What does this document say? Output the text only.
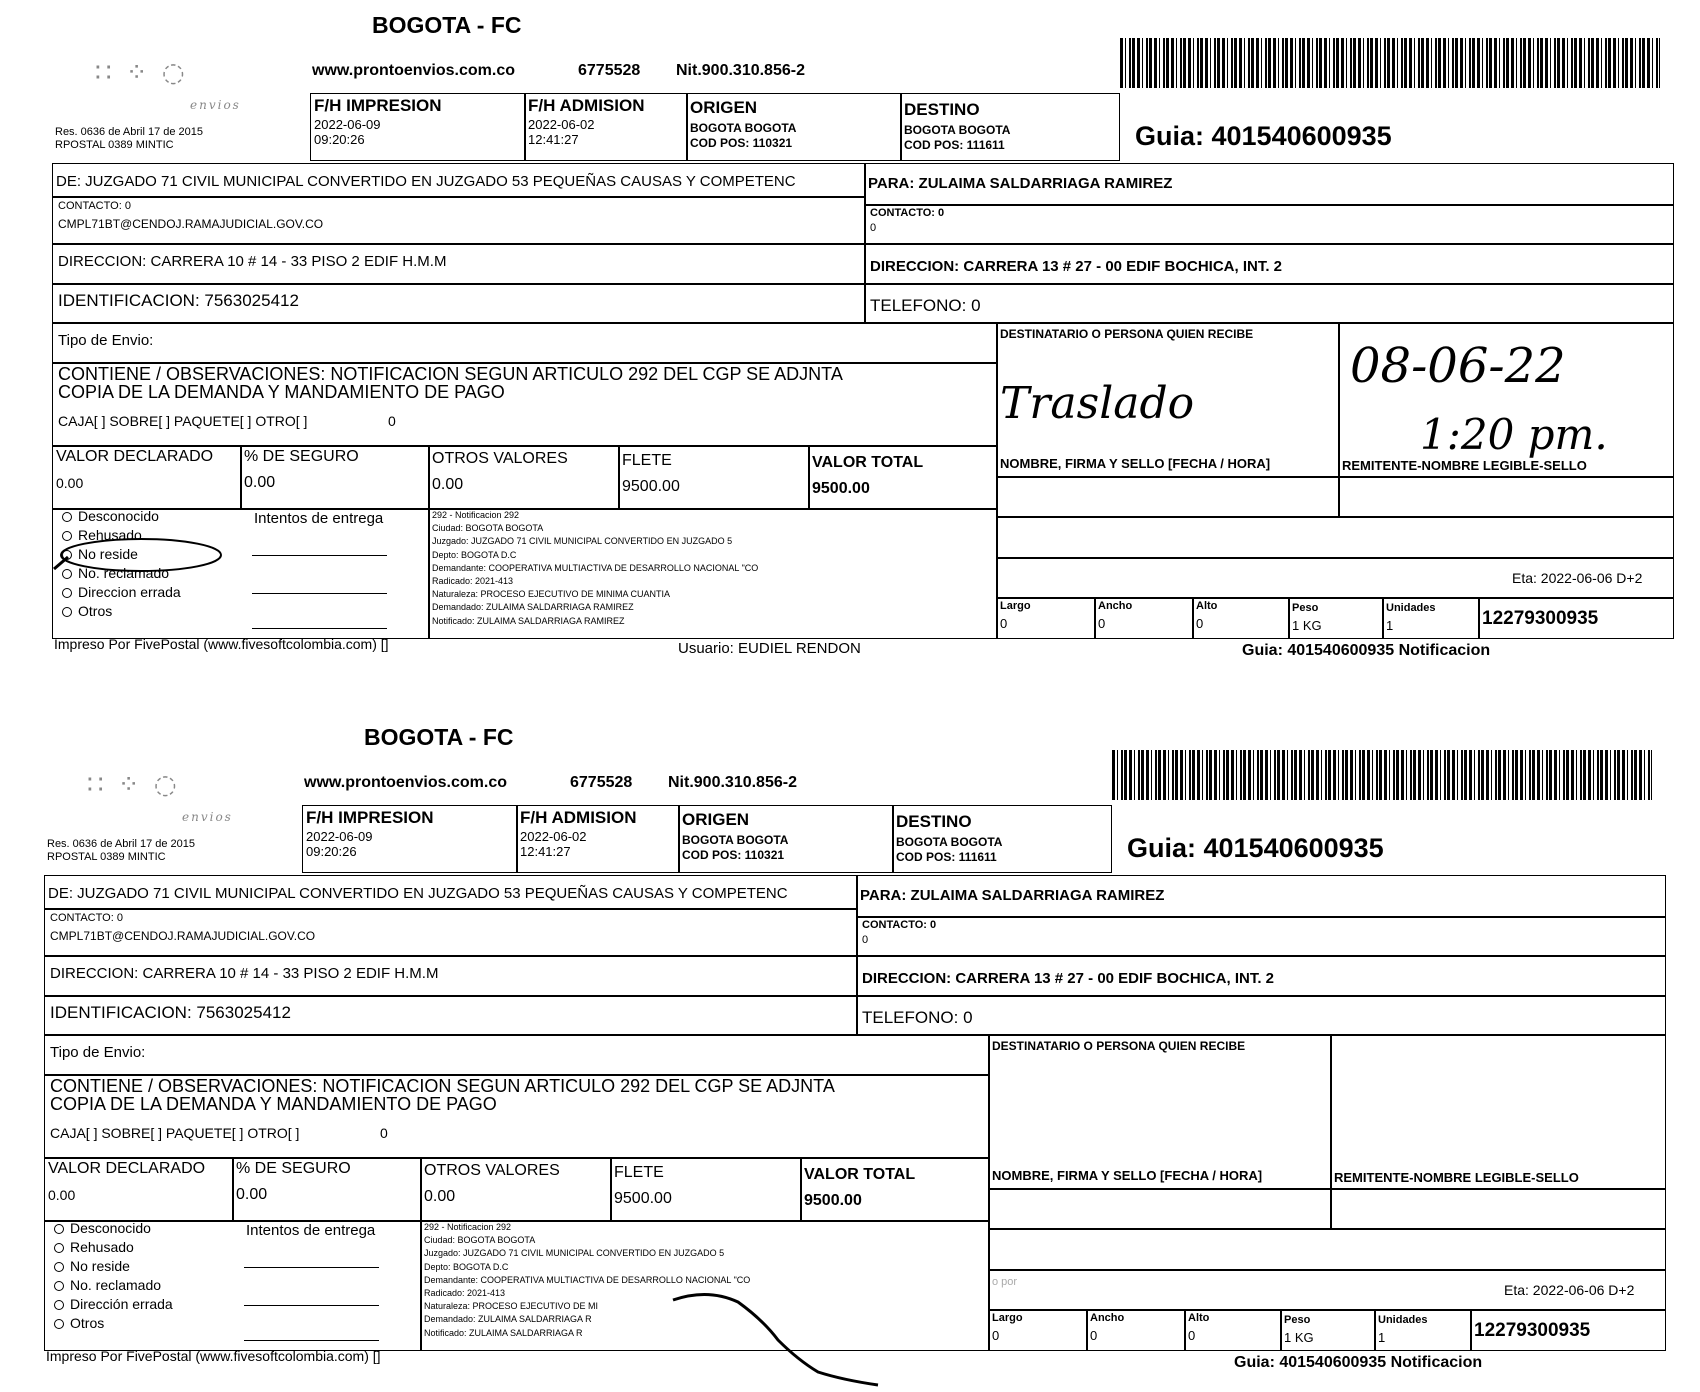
BOGOTA - FC
∷ ⁘ ◌
envios
www.prontoenvios.com.co	6775528 Nit.900.310.856-2
Res. 0636 de Abril 17 de 2015
RPOSTAL 0389 MINTIC
F/H IMPRESION
2022-06-09
09:20:26
F/H ADMISION
2022-06-02
12:41:27
ORIGEN
BOGOTA BOGOTA
COD POS: 110321
DESTINO
BOGOTA BOGOTA
COD POS: 111611	Guia: 401540600935
DE: JUZGADO 71 CIVIL MUNICIPAL CONVERTIDO EN JUZGADO 53 PEQUEÑAS CAUSAS Y COMPETENC	PARA: ZULAIMA SALDARRIAGA RAMIREZ
CONTACTO: 0
CMPL71BT@CENDOJ.RAMAJUDICIAL.GOV.CO
CONTACTO: 0
0
DIRECCION: CARRERA 10 # 14 - 33 PISO 2 EDIF H.M.M	DIRECCION: CARRERA 13 # 27 - 00 EDIF BOCHICA, INT. 2
IDENTIFICACION: 7563025412	TELEFONO: 0
Tipo de Envio:	DESTINATARIO O PERSONA QUIEN RECIBE
CONTIENE / OBSERVACIONES: NOTIFICACION SEGUN ARTICULO 292 DEL CGP SE ADJNTA
COPIA DE LA DEMANDA Y MANDAMIENTO DE PAGO
CAJA[ ] SOBRE[ ] PAQUETE[ ] OTRO[ ]	0
NOMBRE, FIRMA Y SELLO [FECHA / HORA]	REMITENTE-NOMBRE LEGIBLE-SELLO
VALOR DECLARADO
0.00
% DE SEGURO
0.00
OTROS VALORES
0.00
FLETE
9500.00
VALOR TOTAL
9500.00
Desconocido
Rehusado
No reside
No. reclamado
Direccion errada
Otros
Intentos de entrega	292 - Notificacion 292
Ciudad: BOGOTA BOGOTA
Juzgado: JUZGADO 71 CIVIL MUNICIPAL CONVERTIDO EN JUZGADO 5
Depto: BOGOTA D.C
Demandante: COOPERATIVA MULTIACTIVA DE DESARROLLO NACIONAL "CO
Radicado: 2021-413
Naturaleza: PROCESO EJECUTIVO DE MINIMA CUANTIA
Demandado: ZULAIMA SALDARRIAGA RAMIREZ
Notificado: ZULAIMA SALDARRIAGA RAMIREZ
Eta: 2022-06-06 D+2
Largo
0
Ancho
0
Alto
0
Peso
1 KG
Unidades
1	12279300935
Impreso Por FivePostal (www.fivesoftcolombia.com) []	Usuario: EUDIEL RENDON	Guia: 401540600935 Notificacion
Traslado
08-06-22
1:20 pm.
BOGOTA - FC
∷ ⁘ ◌
envios
www.prontoenvios.com.co	6775528 Nit.900.310.856-2
Res. 0636 de Abril 17 de 2015
RPOSTAL 0389 MINTIC
F/H IMPRESION
2022-06-09
09:20:26
F/H ADMISION
2022-06-02
12:41:27
ORIGEN
BOGOTA BOGOTA
COD POS: 110321
DESTINO
BOGOTA BOGOTA
COD POS: 111611	Guia: 401540600935
DE: JUZGADO 71 CIVIL MUNICIPAL CONVERTIDO EN JUZGADO 53 PEQUEÑAS CAUSAS Y COMPETENC	PARA: ZULAIMA SALDARRIAGA RAMIREZ
CONTACTO: 0
CMPL71BT@CENDOJ.RAMAJUDICIAL.GOV.CO
CONTACTO: 0
0
DIRECCION: CARRERA 10 # 14 - 33 PISO 2 EDIF H.M.M	DIRECCION: CARRERA 13 # 27 - 00 EDIF BOCHICA, INT. 2
IDENTIFICACION: 7563025412	TELEFONO: 0
Tipo de Envio:	DESTINATARIO O PERSONA QUIEN RECIBE
CONTIENE / OBSERVACIONES: NOTIFICACION SEGUN ARTICULO 292 DEL CGP SE ADJNTA
COPIA DE LA DEMANDA Y MANDAMIENTO DE PAGO
CAJA[ ] SOBRE[ ] PAQUETE[ ] OTRO[ ]	0
NOMBRE, FIRMA Y SELLO [FECHA / HORA]	REMITENTE-NOMBRE LEGIBLE-SELLO
VALOR DECLARADO
0.00
% DE SEGURO
0.00
OTROS VALORES
0.00
FLETE
9500.00
VALOR TOTAL
9500.00
Desconocido
Rehusado
No reside
No. reclamado
Dirección errada
Otros
Intentos de entrega	292 - Notificacion 292
Ciudad: BOGOTA BOGOTA
Juzgado: JUZGADO 71 CIVIL MUNICIPAL CONVERTIDO EN JUZGADO 5
Depto: BOGOTA D.C
Demandante: COOPERATIVA MULTIACTIVA DE DESARROLLO NACIONAL "CO
Radicado: 2021-413
Naturaleza: PROCESO EJECUTIVO DE MI
Demandado: ZULAIMA SALDARRIAGA R
Notificado: ZULAIMA SALDARRIAGA R
o por	Eta: 2022-06-06 D+2
Largo
0
Ancho
0
Alto
0
Peso
1 KG
Unidades
1	12279300935
Impreso Por FivePostal (www.fivesoftcolombia.com) []	Guia: 401540600935 Notificacion
